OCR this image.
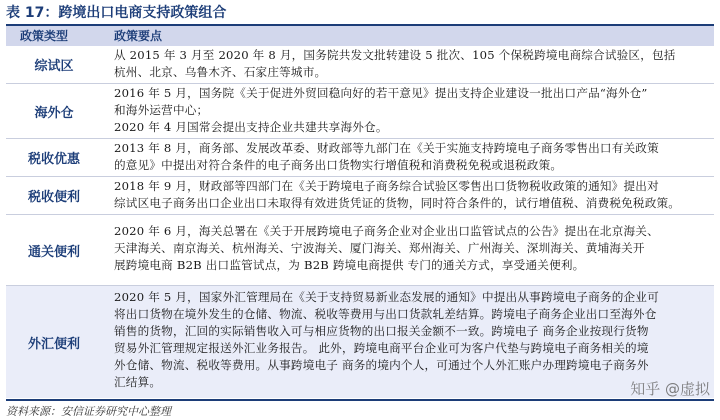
表 17：跨境出口电商支持政策组合
政策类型	政策要点
综试区
从 2015 年 3 月至 2020 年 8 月，国务院共发文批转建设 5 批次、105 个保税跨境电商综合试验区，包括
杭州、北京、乌鲁木齐、石家庄等城市。
海外仓
2016 年 5 月，国务院《关于促进外贸回稳向好的若干意见》提出支持企业建设一批出口产品“海外仓”
和海外运营中心；
2020 年 4 月国常会提出支持企业共建共享海外仓。
税收优惠
2013 年 8 月，商务部、发展改革委、财政部等九部门在《关于实施支持跨境电子商务零售出口有关政策
的意见》中提出对符合条件的电子商务出口货物实行增值税和消费税免税或退税政策。
税收便利
2018 年 9 月，财政部等四部门在《关于跨境电子商务综合试验区零售出口货物税收政策的通知》提出对
综试区电子商务出口企业出口未取得有效进货凭证的货物，同时符合条件的，试行增值税、消费税免税政策。
通关便利
2020 年 6 月，海关总署在《关于开展跨境电子商务企业对企业出口监管试点的公告》提出在北京海关、
天津海关、南京海关、杭州海关、宁波海关、厦门海关、郑州海关、广州海关、深圳海关、黄埔海关开
展跨境电商 B2B 出口监管试点，为 B2B 跨境电商提供 专门的通关方式，享受通关便利。
外汇便利
2020 年 5 月，国家外汇管理局在《关于支持贸易新业态发展的通知》中提出从事跨境电子商务的企业可
将出口货物在境外发生的仓储、物流、税收等费用与出口货款轧差结算。跨境电子商务企业出口至海外仓
销售的货物，汇回的实际销售收入可与相应货物的出口报关金额不一致。跨境电子 商务企业按现行货物
贸易外汇管理规定报送外汇业务报告。 此外，跨境电商平台企业可为客户代垫与跨境电子商务相关的境
外仓储、物流、税收等费用。从事跨境电子 商务的境内个人，可通过个人外汇账户办理跨境电子商务外
汇结算。	知乎 @虚拟
资料来源：安信证券研究中心整理
